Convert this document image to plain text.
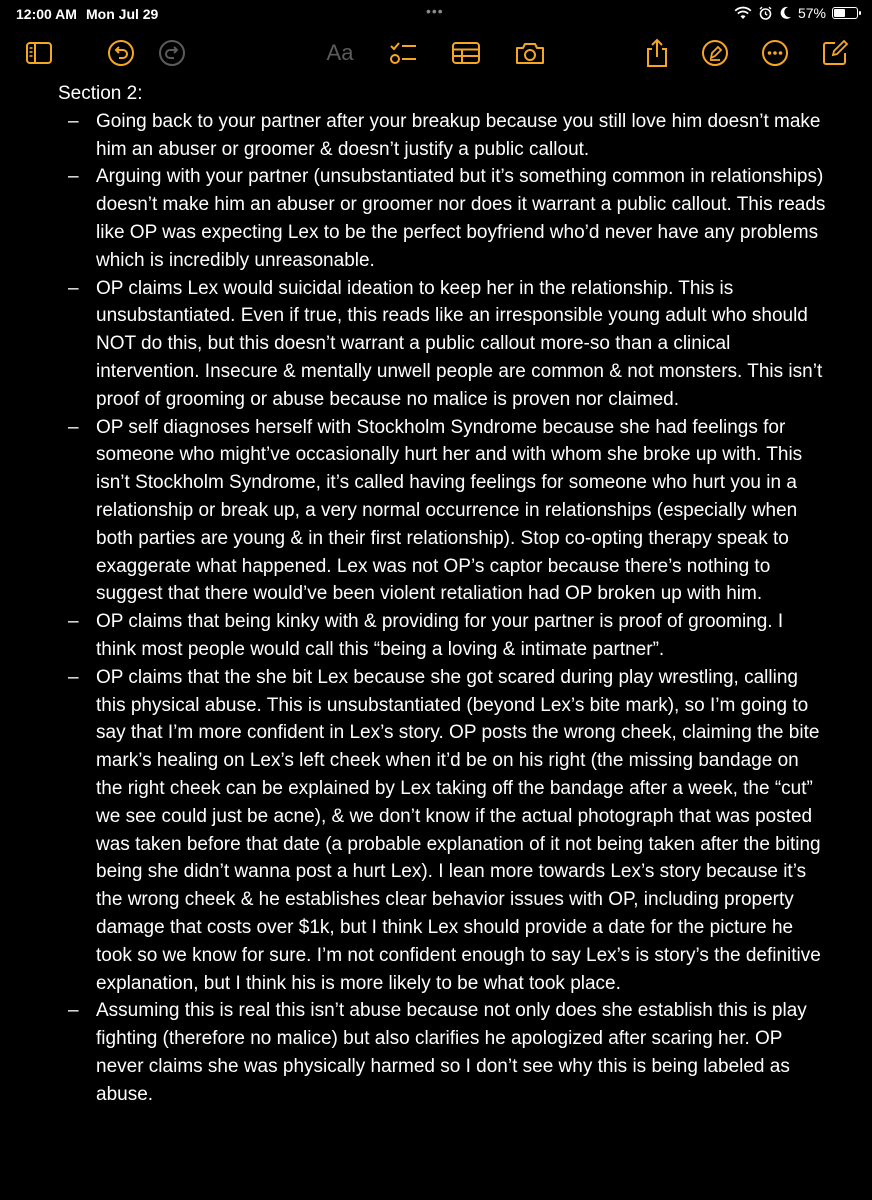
12:00 AM Mon Jul 29	•••	57%
Aa
Section 2:
– Going back to your partner after your breakup because you still love him doesn’t make him an abuser or groomer & doesn’t justify a public callout.
– Arguing with your partner (unsubstantiated but it’s something common in relationships) doesn’t make him an abuser or groomer nor does it warrant a public callout. This reads like OP was expecting Lex to be the perfect boyfriend who’d never have any problems which is incredibly unreasonable.
– OP claims Lex would suicidal ideation to keep her in the relationship. This is unsubstantiated. Even if true, this reads like an irresponsible young adult who should NOT do this, but this doesn’t warrant a public callout more-so than a clinical intervention. Insecure & mentally unwell people are common & not monsters. This isn’t proof of grooming or abuse because no malice is proven nor claimed.
– OP self diagnoses herself with Stockholm Syndrome because she had feelings for someone who might’ve occasionally hurt her and with whom she broke up with. This isn’t Stockholm Syndrome, it’s called having feelings for someone who hurt you in a relationship or break up, a very normal occurrence in relationships (especially when both parties are young & in their first relationship). Stop co-opting therapy speak to exaggerate what happened. Lex was not OP’s captor because there’s nothing to suggest that there would’ve been violent retaliation had OP broken up with him.
– OP claims that being kinky with & providing for your partner is proof of grooming. I think most people would call this “being a loving & intimate partner”.
– OP claims that the she bit Lex because she got scared during play wrestling, calling this physical abuse. This is unsubstantiated (beyond Lex’s bite mark), so I’m going to say that I’m more confident in Lex’s story. OP posts the wrong cheek, claiming the bite mark’s healing on Lex’s left cheek when it’d be on his right (the missing bandage on the right cheek can be explained by Lex taking off the bandage after a week, the “cut” we see could just be acne), & we don’t know if the actual photograph that was posted was taken before that date (a probable explanation of it not being taken after the biting being she didn’t wanna post a hurt Lex). I lean more towards Lex’s story because it’s the wrong cheek & he establishes clear behavior issues with OP, including property damage that costs over $1k, but I think Lex should provide a date for the picture he took so we know for sure. I’m not confident enough to say Lex’s is story’s the definitive explanation, but I think his is more likely to be what took place.
– Assuming this is real this isn’t abuse because not only does she establish this is play fighting (therefore no malice) but also clarifies he apologized after scaring her. OP never claims she was physically harmed so I don’t see why this is being labeled as abuse.
